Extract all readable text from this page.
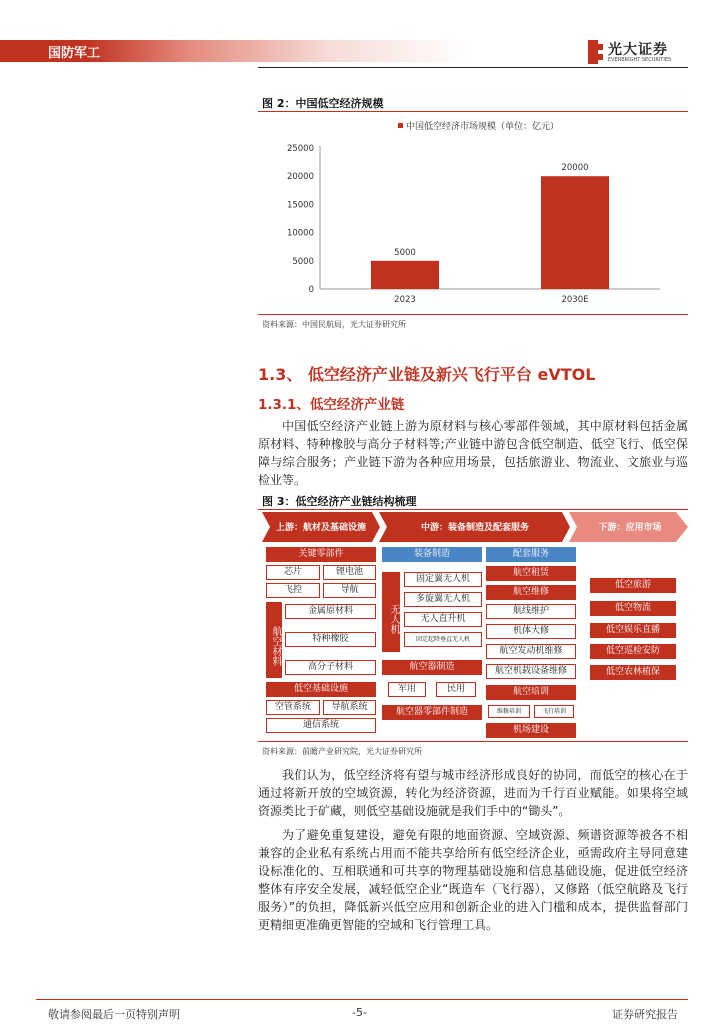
国防军工	光大证券
EVERBRIGHT SECURITIES
图 2：中国低空经济规模
中国低空经济市场规模（单位：亿元）
0
5000
10000
15000
20000
25000
5000
2023
20000
2030E
资料来源：中国民航局，光大证券研究所
1.3、 低空经济产业链及新兴飞行平台 eVTOL
1.3.1、低空经济产业链

中国低空经济产业链上游为原材料与核心零部件领域，其中原材料包括金属原材料、特种橡胶与高分子材料等;产业链中游包含低空制造、低空飞行、低空保障与综合服务；产业链下游为各种应用场景，包括旅游业、物流业、文旅业与巡检业等。

图 3：低空经济产业链结构梳理
上游：航材及基础设施	中游：装备制造及配套服务	下游：应用市场
关键零部件
芯片	锂电池
飞控	导航
航空材料
金属原材料
特种橡胶
高分子材料
低空基础设施
空管系统	导航系统
通信系统
装备制造
无人机
固定翼无人机
多旋翼无人机
无人直升机
固定起降垂直无人机
航空器制造
军用	民用
航空器零部件制造
配套服务
航空租赁
航空维修
航线维护
机体大修
航空发动机维修
航空机载设备维修
航空培训
维修培训	飞行培训
机场建设
低空旅游
低空物流
低空娱乐直播
低空巡检安防
低空农林植保
资料来源：前瞻产业研究院，光大证券研究所

我们认为，低空经济将有望与城市经济形成良好的协同，而低空的核心在于通过将新开放的空域资源，转化为经济资源，进而为千行百业赋能。如果将空域资源类比于矿藏，则低空基础设施就是我们手中的“锄头”。

为了避免重复建设，避免有限的地面资源、空域资源、频谱资源等被各不相兼容的企业私有系统占用而不能共享给所有低空经济企业，亟需政府主导同意建设标准化的、互相联通和可共享的物理基础设施和信息基础设施，促进低空经济整体有序安全发展，减轻低空企业“既造车（飞行器），又修路（低空航路及飞行服务）”的负担，降低新兴低空应用和创新企业的进入门槛和成本，提供监督部门更精细更准确更智能的空域和飞行管理工具。

敬请参阅最后一页特别声明	-5-	证券研究报告
